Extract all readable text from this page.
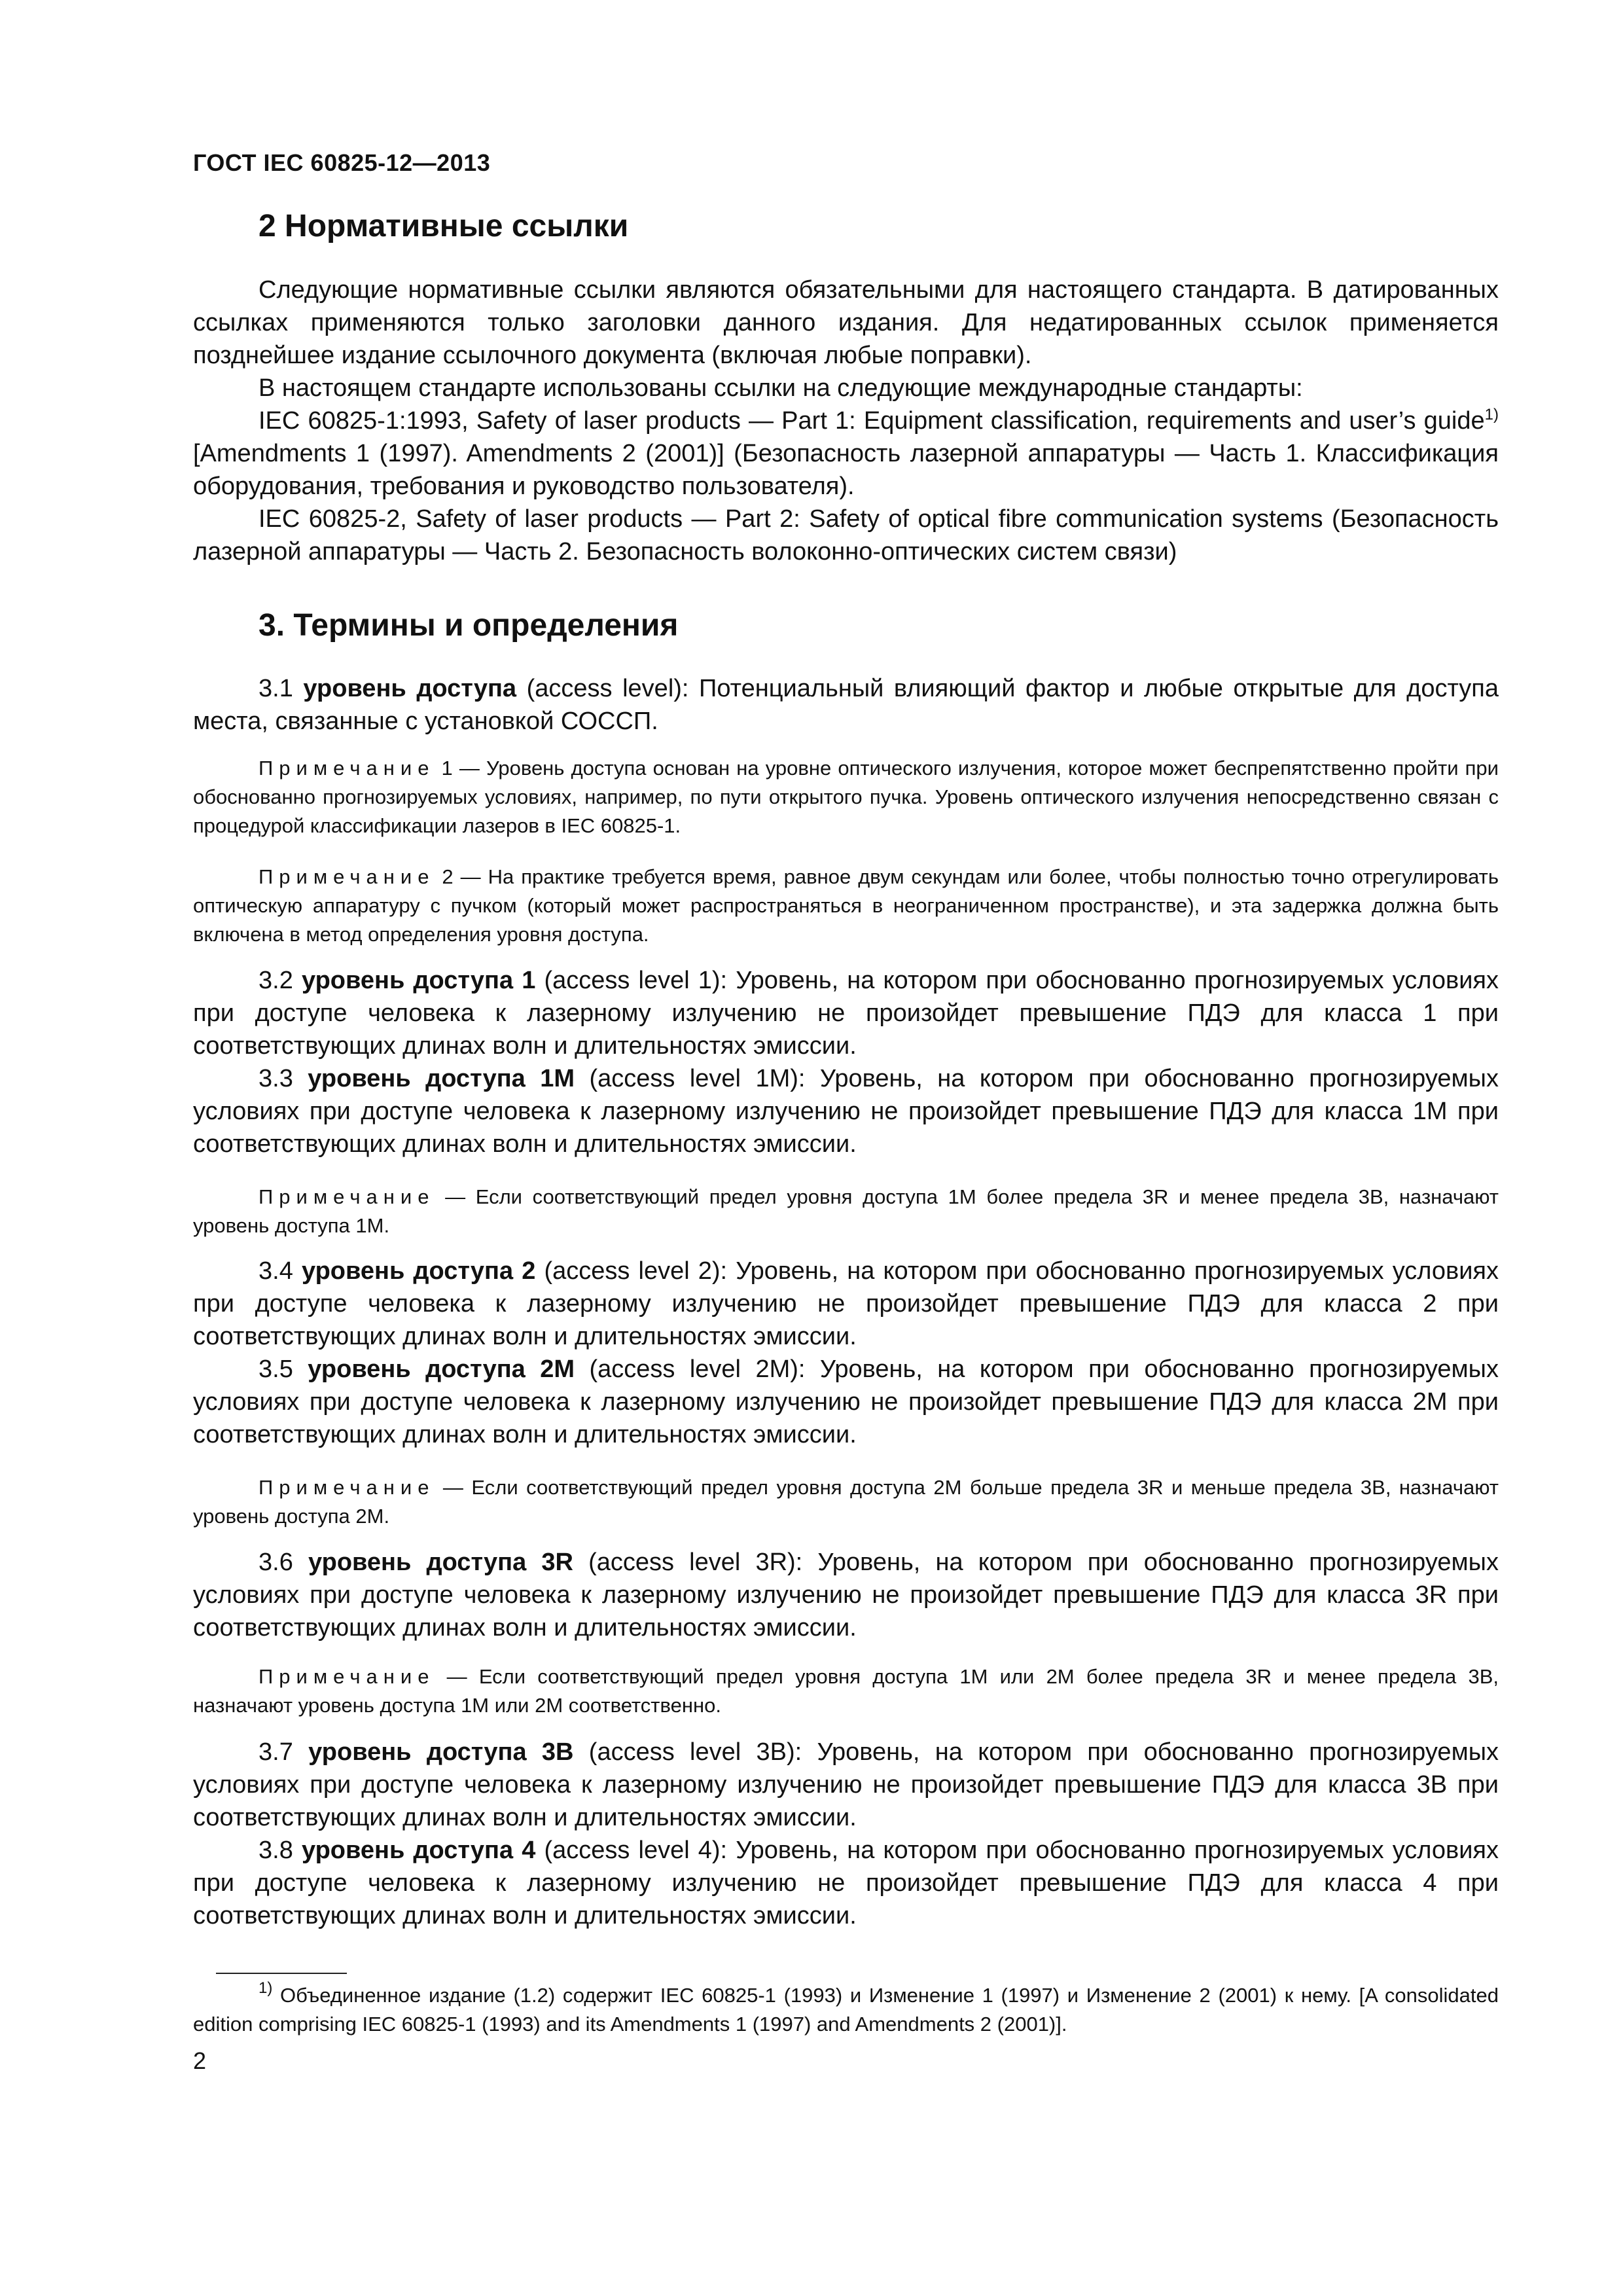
ГОСТ IEC 60825-12—2013
2 Нормативные ссылки

Следующие нормативные ссылки являются обязательными для настоящего стандарта. В датированных ссылках применяются только заголовки данного издания. Для недатированных ссылок применяется позднейшее издание ссылочного документа (включая любые поправки).

В настоящем стандарте использованы ссылки на следующие международные стандарты:

IEC 60825-1:1993, Safety of laser products — Part 1: Equipment classification, requirements and user’s guide$^{1)}$ [Amendments 1 (1997). Amendments 2 (2001)] (Безопасность лазерной аппаратуры — Часть 1. Классификация оборудования, требования и руководство пользователя).

IEC 60825-2, Safety of laser products — Part 2: Safety of optical fibre communication systems (Безопасность лазерной аппаратуры — Часть 2. Безопасность волоконно-оптических систем связи)

3. Термины и определения

3.1 уровень доступа (access level): Потенциальный влияющий фактор и любые открытые для доступа места, связанные с установкой СОССП.

Примечание 1 — Уровень доступа основан на уровне оптического излучения, которое может беспрепятственно пройти при обоснованно прогнозируемых условиях, например, по пути открытого пучка. Уровень оптического излучения непосредственно связан с процедурой классификации лазеров в IEC 60825-1.

Примечание 2 — На практике требуется время, равное двум секундам или более, чтобы полностью точно отрегулировать оптическую аппаратуру с пучком (который может распространяться в неограниченном пространстве), и эта задержка должна быть включена в метод определения уровня доступа.

3.2 уровень доступа 1 (access level 1): Уровень, на котором при обоснованно прогнозируемых условиях при доступе человека к лазерному излучению не произойдет превышение ПДЭ для класса 1 при соответствующих длинах волн и длительностях эмиссии.

3.3 уровень доступа 1M (access level 1M): Уровень, на котором при обоснованно прогнозируемых условиях при доступе человека к лазерному излучению не произойдет превышение ПДЭ для класса 1M при соответствующих длинах волн и длительностях эмиссии.

Примечание — Если соответствующий предел уровня доступа 1M более предела 3R и менее предела 3B, назначают уровень доступа 1M.

3.4 уровень доступа 2 (access level 2): Уровень, на котором при обоснованно прогнозируемых условиях при доступе человека к лазерному излучению не произойдет превышение ПДЭ для класса 2 при соответствующих длинах волн и длительностях эмиссии.

3.5 уровень доступа 2M (access level 2M): Уровень, на котором при обоснованно прогнозируемых условиях при доступе человека к лазерному излучению не произойдет превышение ПДЭ для класса 2M при соответствующих длинах волн и длительностях эмиссии.

Примечание — Если соответствующий предел уровня доступа 2M больше предела 3R и меньше предела 3B, назначают уровень доступа 2M.

3.6 уровень доступа 3R (access level 3R): Уровень, на котором при обоснованно прогнозируемых условиях при доступе человека к лазерному излучению не произойдет превышение ПДЭ для класса 3R при соответствующих длинах волн и длительностях эмиссии.

Примечание — Если соответствующий предел уровня доступа 1M или 2M более предела 3R и менее предела 3B, назначают уровень доступа 1M или 2M соответственно.

3.7 уровень доступа 3B (access level 3B): Уровень, на котором при обоснованно прогнозируемых условиях при доступе человека к лазерному излучению не произойдет превышение ПДЭ для класса 3B при соответствующих длинах волн и длительностях эмиссии.

3.8 уровень доступа 4 (access level 4): Уровень, на котором при обоснованно прогнозируемых условиях при доступе человека к лазерному излучению не произойдет превышение ПДЭ для класса 4 при соответствующих длинах волн и длительностях эмиссии.

$^{1)}$ Объединенное издание (1.2) содержит IEC 60825-1 (1993) и Изменение 1 (1997) и Изменение 2 (2001) к нему. [A consolidated edition comprising IEC 60825-1 (1993) and its Amendments 1 (1997) and Amendments 2 (2001)].

2
